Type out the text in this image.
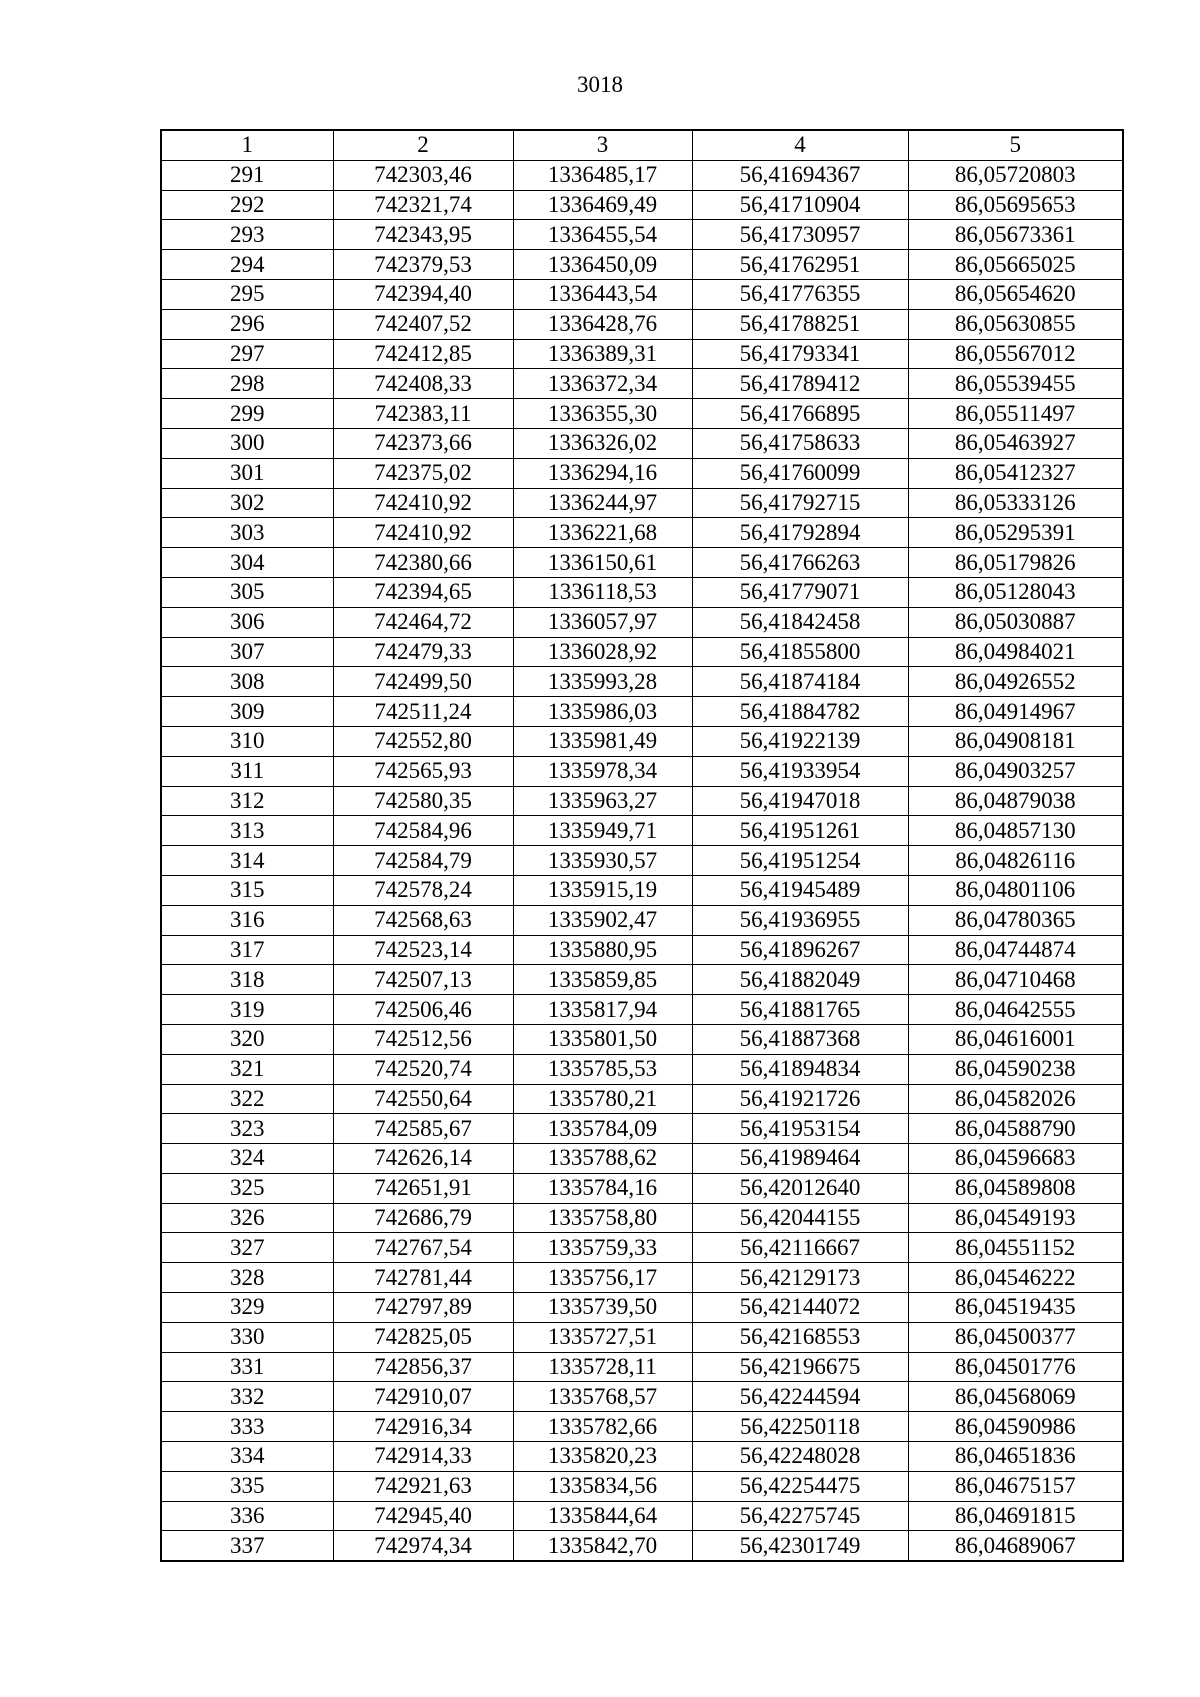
3018
1	2	3	4	5
291	742303,46	1336485,17	56,41694367	86,05720803
292	742321,74	1336469,49	56,41710904	86,05695653
293	742343,95	1336455,54	56,41730957	86,05673361
294	742379,53	1336450,09	56,41762951	86,05665025
295	742394,40	1336443,54	56,41776355	86,05654620
296	742407,52	1336428,76	56,41788251	86,05630855
297	742412,85	1336389,31	56,41793341	86,05567012
298	742408,33	1336372,34	56,41789412	86,05539455
299	742383,11	1336355,30	56,41766895	86,05511497
300	742373,66	1336326,02	56,41758633	86,05463927
301	742375,02	1336294,16	56,41760099	86,05412327
302	742410,92	1336244,97	56,41792715	86,05333126
303	742410,92	1336221,68	56,41792894	86,05295391
304	742380,66	1336150,61	56,41766263	86,05179826
305	742394,65	1336118,53	56,41779071	86,05128043
306	742464,72	1336057,97	56,41842458	86,05030887
307	742479,33	1336028,92	56,41855800	86,04984021
308	742499,50	1335993,28	56,41874184	86,04926552
309	742511,24	1335986,03	56,41884782	86,04914967
310	742552,80	1335981,49	56,41922139	86,04908181
311	742565,93	1335978,34	56,41933954	86,04903257
312	742580,35	1335963,27	56,41947018	86,04879038
313	742584,96	1335949,71	56,41951261	86,04857130
314	742584,79	1335930,57	56,41951254	86,04826116
315	742578,24	1335915,19	56,41945489	86,04801106
316	742568,63	1335902,47	56,41936955	86,04780365
317	742523,14	1335880,95	56,41896267	86,04744874
318	742507,13	1335859,85	56,41882049	86,04710468
319	742506,46	1335817,94	56,41881765	86,04642555
320	742512,56	1335801,50	56,41887368	86,04616001
321	742520,74	1335785,53	56,41894834	86,04590238
322	742550,64	1335780,21	56,41921726	86,04582026
323	742585,67	1335784,09	56,41953154	86,04588790
324	742626,14	1335788,62	56,41989464	86,04596683
325	742651,91	1335784,16	56,42012640	86,04589808
326	742686,79	1335758,80	56,42044155	86,04549193
327	742767,54	1335759,33	56,42116667	86,04551152
328	742781,44	1335756,17	56,42129173	86,04546222
329	742797,89	1335739,50	56,42144072	86,04519435
330	742825,05	1335727,51	56,42168553	86,04500377
331	742856,37	1335728,11	56,42196675	86,04501776
332	742910,07	1335768,57	56,42244594	86,04568069
333	742916,34	1335782,66	56,42250118	86,04590986
334	742914,33	1335820,23	56,42248028	86,04651836
335	742921,63	1335834,56	56,42254475	86,04675157
336	742945,40	1335844,64	56,42275745	86,04691815
337	742974,34	1335842,70	56,42301749	86,04689067
